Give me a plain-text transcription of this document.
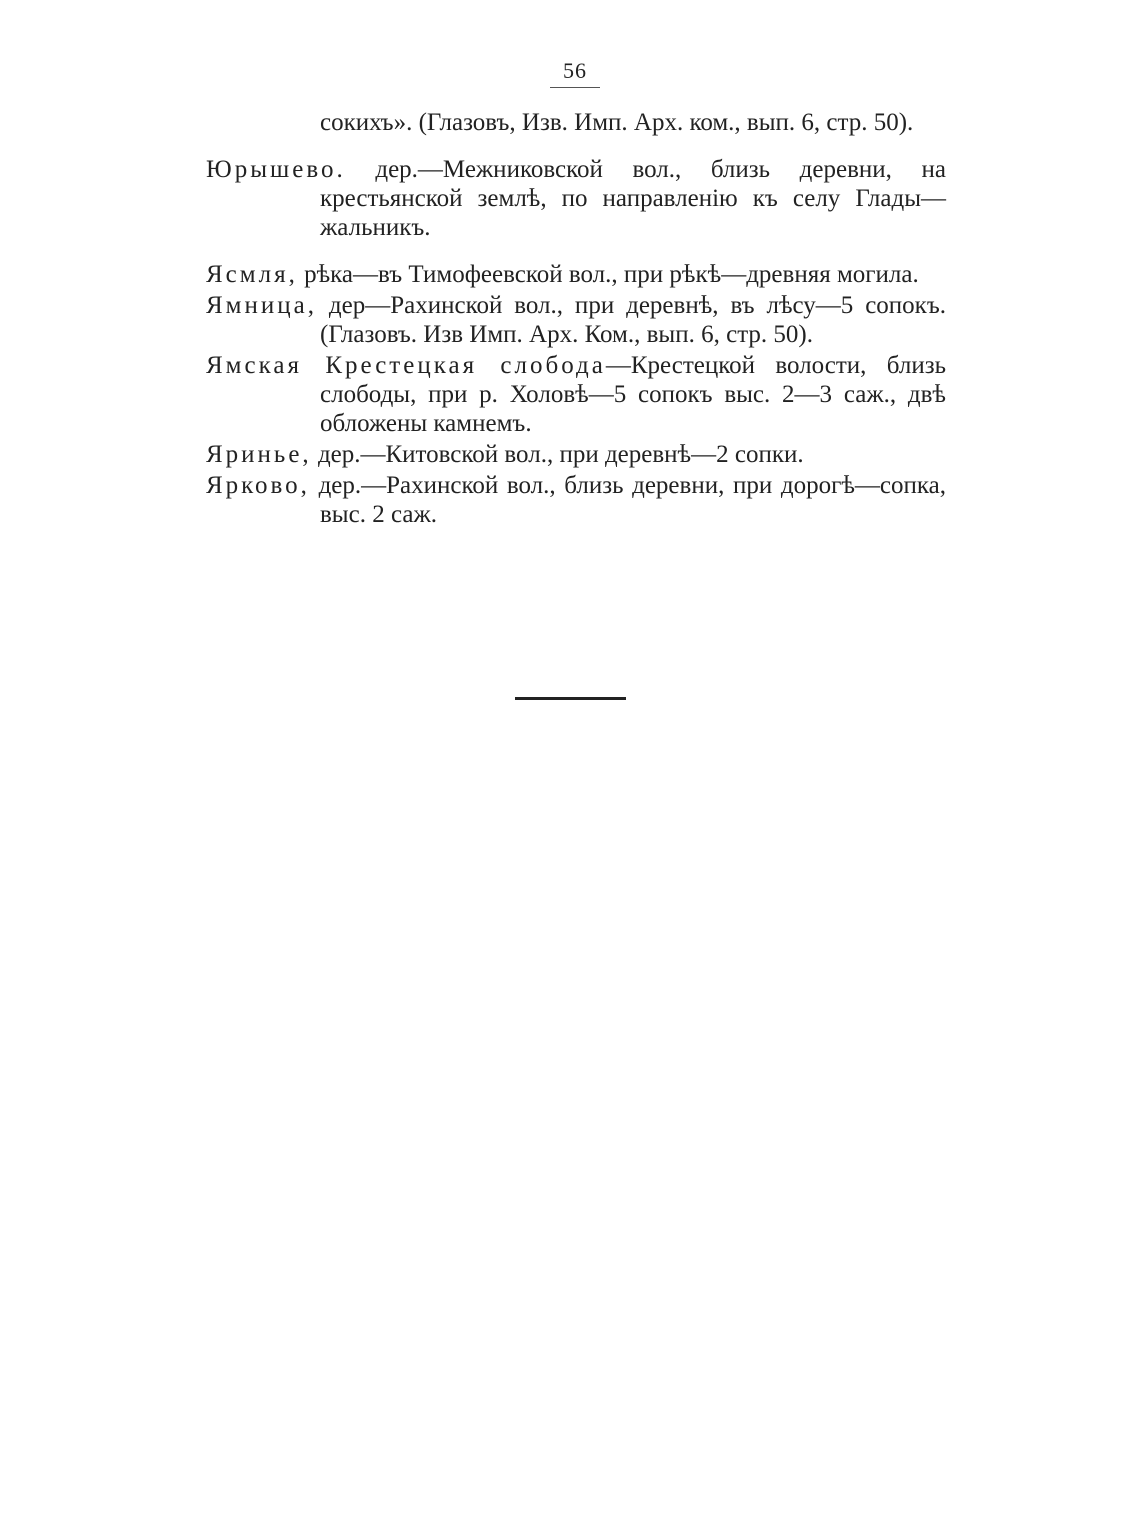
56

сокихъ». (Глазовъ, Изв. Имп. Арх. ком., вып. 6, стр. 50).

Юрышево. дер.—Межниковской вол., близь деревни, на крестьянской землѣ, по направленію къ селу Глады—жальникъ.

Ясмля, рѣка—въ Тимофеевской вол., при рѣкѣ—древняя могила.

Ямница, дер—Рахинской вол., при деревнѣ, въ лѣсу—5 сопокъ. (Глазовъ. Изв Имп. Арх. Ком., вып. 6, стр. 50).

Ямская Крестецкая слобода—Крестецкой волости, близь слободы, при р. Холовѣ—5 сопокъ выс. 2—3 саж., двѣ обложены камнемъ.

Яринье, дер.—Китовской вол., при деревнѣ—2 сопки.

Ярково, дер.—Рахинской вол., близь деревни, при дорогѣ—сопка, выс. 2 саж.
